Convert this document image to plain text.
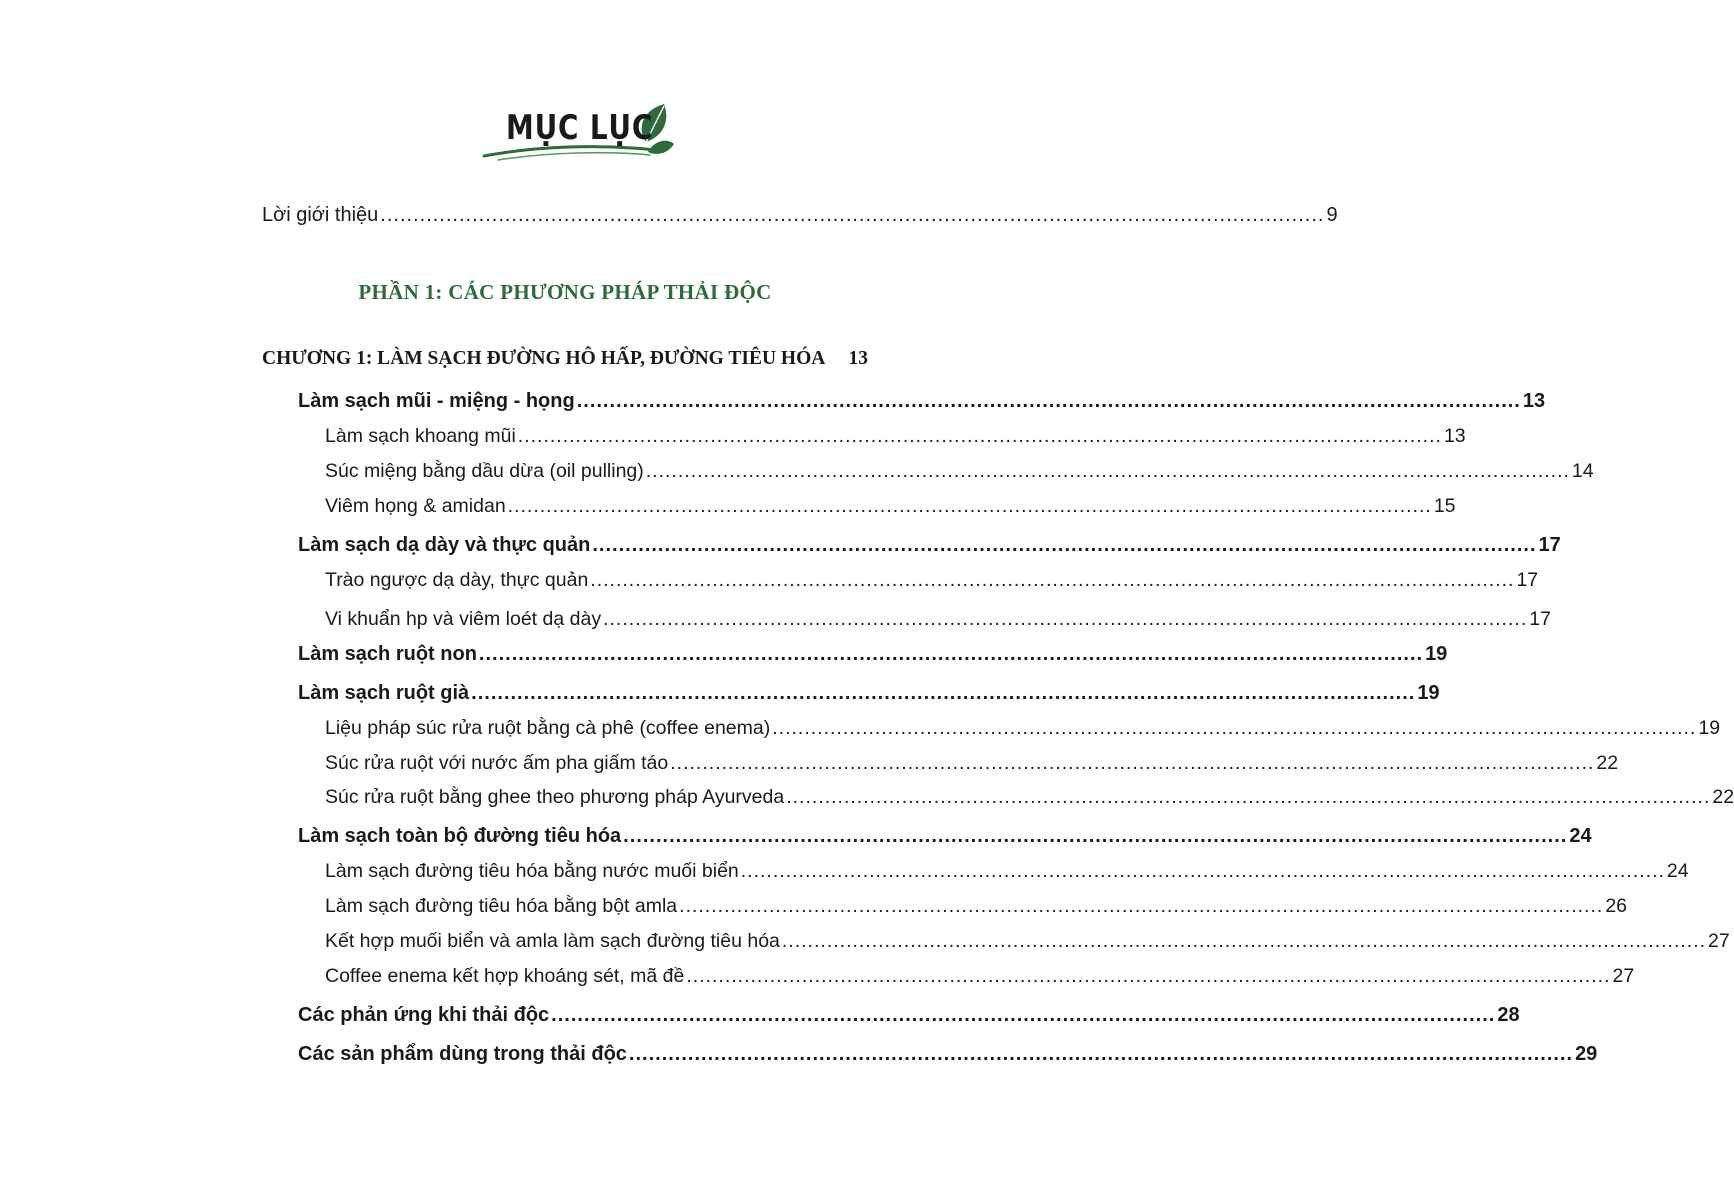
MỤC LỤC
Lời giới thiệu ................................................................................................................................................ 9
PHẦN 1: CÁC PHƯƠNG PHÁP THẢI ĐỘC
CHƯƠNG 1: LÀM SẠCH ĐƯỜNG HÔ HẤP, ĐƯỜNG TIÊU HÓA 13
Làm sạch mũi - miệng - họng ................................................................................................................................................ 13
Làm sạch khoang mũi ................................................................................................................................................ 13
Súc miệng bằng dầu dừa (oil pulling) ................................................................................................................................................ 14
Viêm họng & amidan ................................................................................................................................................ 15
Làm sạch dạ dày và thực quản ................................................................................................................................................ 17
Trào ngược dạ dày, thực quản ................................................................................................................................................ 17
Vi khuẩn hp và viêm loét dạ dày ................................................................................................................................................ 17
Làm sạch ruột non ................................................................................................................................................ 19
Làm sạch ruột già ................................................................................................................................................ 19
Liệu pháp súc rửa ruột bằng cà phê (coffee enema) ................................................................................................................................................ 19
Súc rửa ruột với nước ấm pha giấm táo ................................................................................................................................................ 22
Súc rửa ruột bằng ghee theo phương pháp Ayurveda ................................................................................................................................................ 22
Làm sạch toàn bộ đường tiêu hóa ................................................................................................................................................ 24
Làm sạch đường tiêu hóa bằng nước muối biển ................................................................................................................................................ 24
Làm sạch đường tiêu hóa bằng bột amla ................................................................................................................................................ 26
Kết hợp muối biển và amla làm sạch đường tiêu hóa ................................................................................................................................................ 27
Coffee enema kết hợp khoáng sét, mã đề ................................................................................................................................................ 27
Các phản ứng khi thải độc ................................................................................................................................................ 28
Các sản phẩm dùng trong thải độc ................................................................................................................................................ 29
